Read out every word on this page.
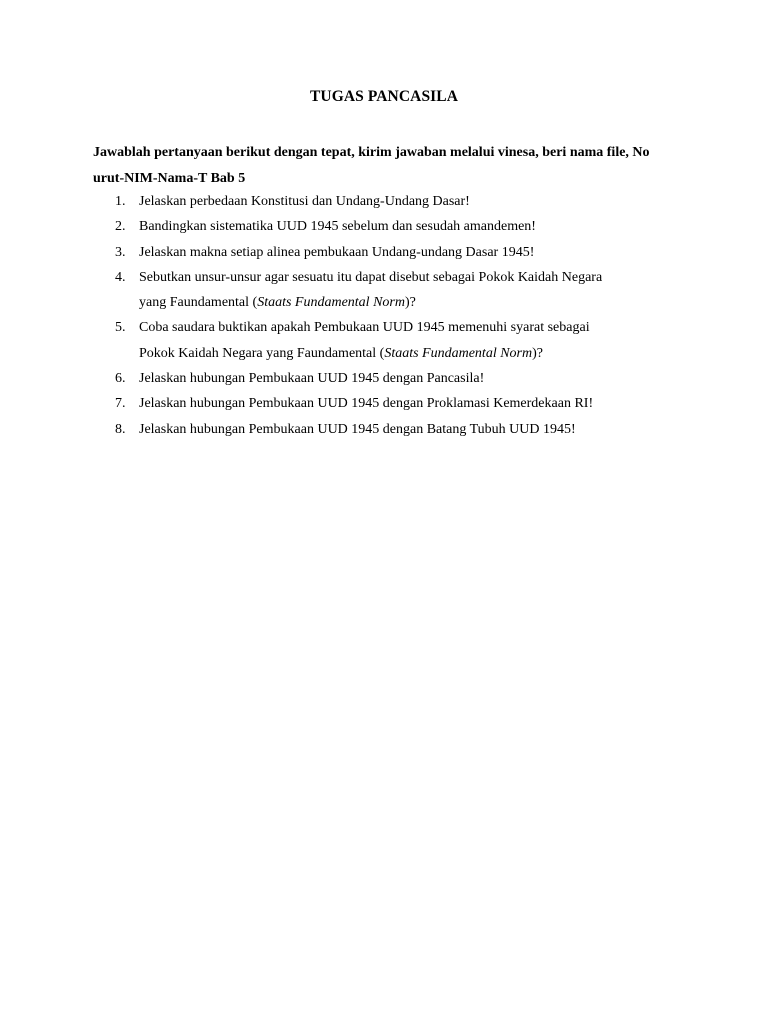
TUGAS PANCASILA
Jawablah pertanyaan berikut dengan tepat, kirim jawaban melalui vinesa, beri nama file, No urut-NIM-Nama-T Bab 5
1. Jelaskan perbedaan Konstitusi dan Undang-Undang Dasar!
2. Bandingkan sistematika UUD 1945 sebelum dan sesudah amandemen!
3. Jelaskan makna setiap alinea pembukaan Undang-undang Dasar 1945!
4. Sebutkan unsur-unsur agar sesuatu itu dapat disebut sebagai Pokok Kaidah Negara
yang Faundamental (Staats Fundamental Norm)?
5. Coba saudara buktikan apakah Pembukaan UUD 1945 memenuhi syarat sebagai
Pokok Kaidah Negara yang Faundamental (Staats Fundamental Norm)?
6. Jelaskan hubungan Pembukaan UUD 1945 dengan Pancasila!
7. Jelaskan hubungan Pembukaan UUD 1945 dengan Proklamasi Kemerdekaan RI!
8. Jelaskan hubungan Pembukaan UUD 1945 dengan Batang Tubuh UUD 1945!
